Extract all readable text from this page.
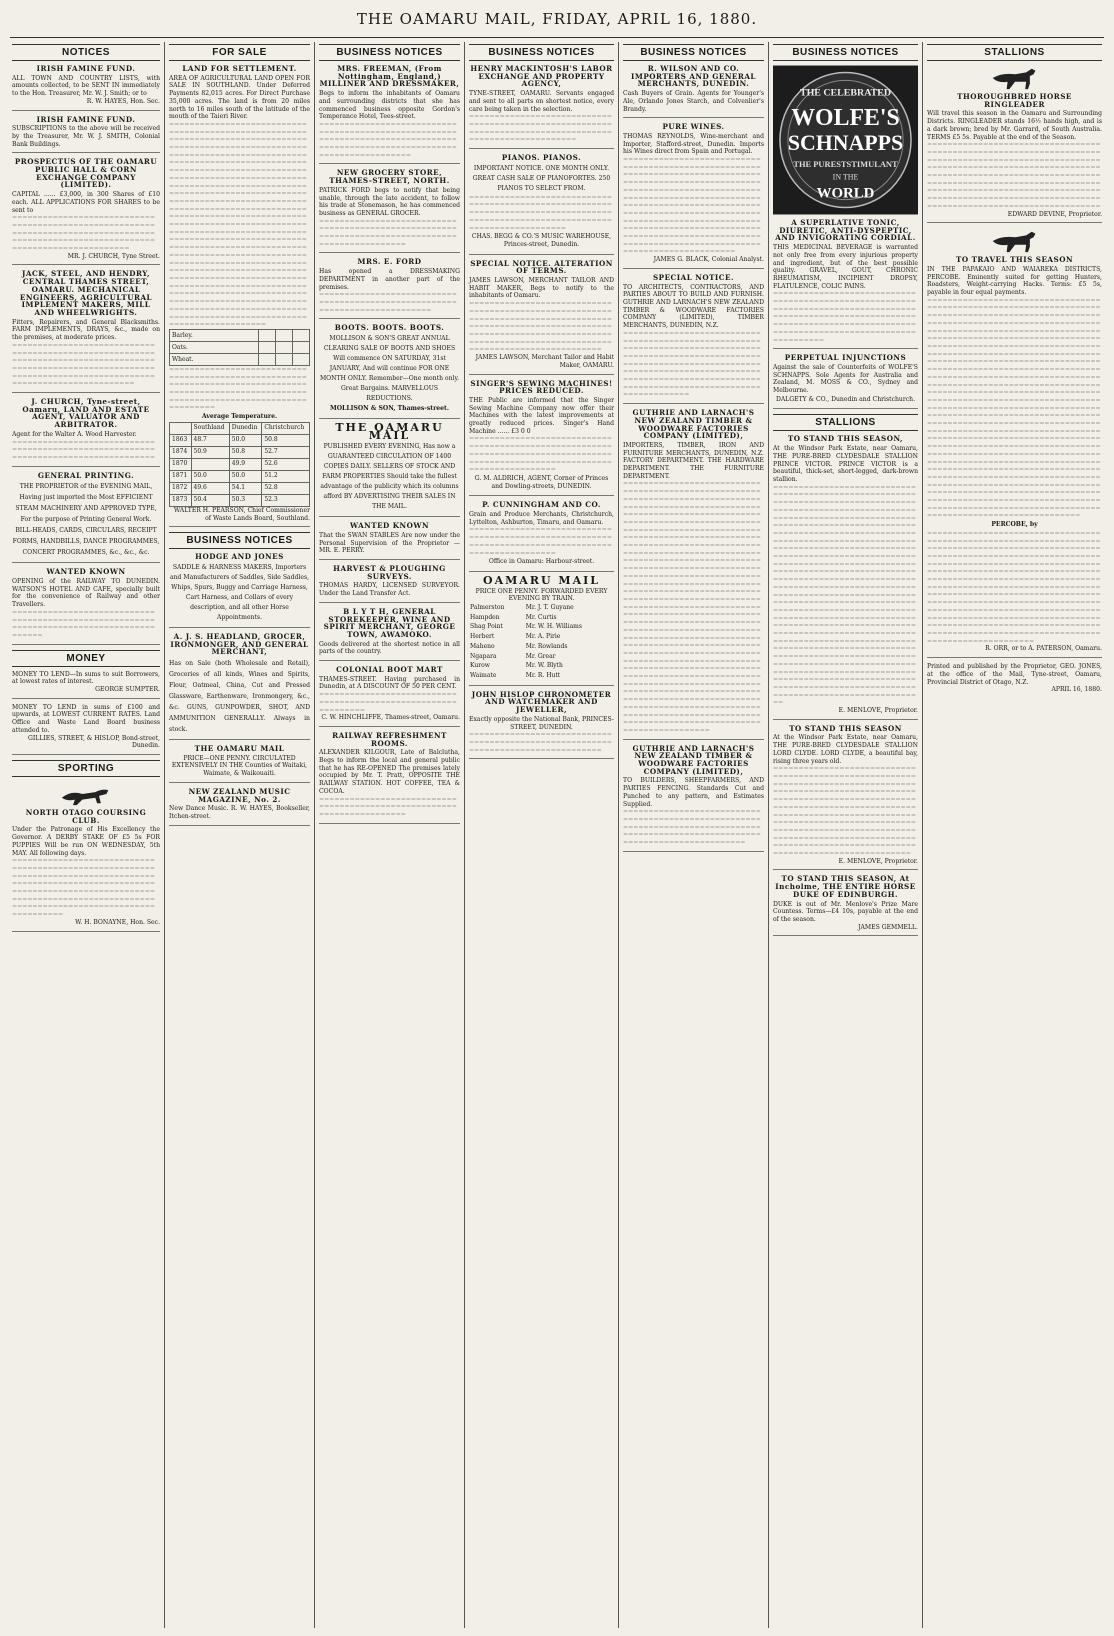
THE OAMARU MAIL, FRIDAY, APRIL 16, 1880.
NOTICES
IRISH FAMINE FUND.
ALL TOWN AND COUNTRY LISTS, with amounts collected, to be SENT IN immediately to the Hon. Treasurer, Mr. W. J. Smith; or to
R. W. HAYES, Hon. Sec.
IRISH FAMINE FUND.
SUBSCRIPTIONS to the above will be received by the Treasurer, Mr. W. J. SMITH, Colonial Bank Buildings.
PROSPECTUS OF THE OAMARU PUBLIC HALL & CORN EXCHANGE COMPANY (LIMITED).
CAPITAL ...... £3,000, in 300 Shares of £10 each. ALL APPLICATIONS FOR SHARES to be sent to
=======================================================================================================================================
MR. J. CHURCH, Tyne Street.
JACK, STEEL, AND HENDRY, CENTRAL THAMES STREET, OAMARU. MECHANICAL ENGINEERS, AGRICULTURAL IMPLEMENT MAKERS, MILL AND WHEELWRIGHTS.
Fitters, Repairers, and General Blacksmiths. FARM IMPLEMENTS, DRAYS, &c., made on the premises, at moderate prices.
====================================================================================================================================================================
J. CHURCH, Tyne-street, Oamaru, LAND AND ESTATE AGENT, VALUATOR AND ARBITRATOR.
Agent for the Walter A. Wood Harvester.
====================================================================================
GENERAL PRINTING.
THE PROPRIETOR of the EVENING MAIL, Having just imported the Most EFFICIENT STEAM MACHINERY AND APPROVED TYPE, For the purpose of Printing General Work. BILL-HEADS, CARDS, CIRCULARS, RECEIPT FORMS, HANDBILLS, DANCE PROGRAMMES, CONCERT PROGRAMMES, &c., &c., &c.
WANTED KNOWN
OPENING of the RAILWAY TO DUNEDIN. WATSON'S HOTEL AND CAFE, specially built for the convenience of Railway and other Travellers.
==========================================================================================
MONEY
MONEY TO LEND—In sums to suit Borrowers, at lowest rates of interest.
GEORGE SUMPTER.
MONEY TO LEND in sums of £100 and upwards, at LOWEST CURRENT RATES. Land Office and Waste Land Board business attended to.
GILLIES, STREET, & HISLOP, Bond-street, Dunedin.
SPORTING
NORTH OTAGO COURSING CLUB.
Under the Patronage of His Excellency the Governor. A DERBY STAKE OF £5 5s FOR PUPPIES Will be run ON WEDNESDAY, 5th MAY. All following days.
==============================================================================================================================================================================================================
W. H. BONAYNE, Hon. Sec.
FOR SALE
LAND FOR SETTLEMENT.
AREA OF AGRICULTURAL LAND OPEN FOR SALE IN SOUTHLAND. Under Deferred Payments 82,015 acres. For Direct Purchase 35,000 acres. The land is from 20 miles north to 16 miles south of the latitude of the mouth of the Taieri River.
=================================================================================================================================================================================================================================================================================================================================================================================================================================================================================================================================================================================================================================================================================================================================================
Barley.			
Oats.			
Wheat.			
================================================================================================================================================
Average Temperature.
	Southland	Dunedin	Christchurch
1863	48.7	50.0	50.8
1874	50.9	50.8	52.7
1870		49.9	52.6
1871	50.0	50.0	51.2
1872	49.6	54.1	52.8
1873	50.4	50.3	52.3
WALTER H. PEARSON, Chief Commissioner of Waste Lands Board, Southland.
BUSINESS NOTICES
HODGE AND JONES
SADDLE & HARNESS MAKERS, Importers and Manufacturers of Saddles, Side Saddles, Whips, Spurs, Buggy and Carriage Harness, Cart Harness, and Collars of every description, and all other Horse Appointments.
A. J. S. HEADLAND, GROCER, IRONMONGER, AND GENERAL MERCHANT,
Has on Sale (both Wholesale and Retail), Groceries of all kinds, Wines and Spirits, Flour, Oatmeal, China, Cut and Pressed Glassware, Earthenware, Ironmongery, &c., &c. GUNS, GUNPOWDER, SHOT, AND AMMUNITION GENERALLY. Always in stock.
THE OAMARU MAIL
PRICE—ONE PENNY. CIRCULATED EXTENSIVELY IN THE Counties of Waitaki, Waimate, & Waikouaiti.
NEW ZEALAND MUSIC MAGAZINE, No. 2.
New Dance Music. R. W. HAYES, Bookseller, Itchen-street.
BUSINESS NOTICES
MRS. FREEMAN, (From Nottingham, England,) MILLINER AND DRESSMAKER,
Begs to inform the inhabitants of Oamaru and surrounding districts that she has commenced business opposite Gordon's Temperance Hotel, Tees-street.
==============================================================================================================================
NEW GROCERY STORE, THAMES-STREET, NORTH.
PATRICK FORD begs to notify that being unable, through the late accident, to follow his trade at Stonemason, he has commenced business as GENERAL GROCER.
==================================================================================================
MRS. E. FORD
Has opened a DRESSMAKING DEPARTMENT in another part of the premises.
============================================================================
BOOTS. BOOTS. BOOTS.
MOLLISON & SON'S GREAT ANNUAL CLEARING SALE OF BOOTS AND SHOES Will commence ON SATURDAY, 31st JANUARY, And will continue FOR ONE MONTH ONLY. Remember—One month only. Great Bargains. MARVELLOUS REDUCTIONS.
MOLLISON & SON, Thames-street.
THE OAMARU MAIL
PUBLISHED EVERY EVENING, Has now a GUARANTEED CIRCULATION OF 1400 COPIES DAILY. SELLERS OF STOCK AND FARM PROPERTIES Should take the fullest advantage of the publicity which its columns afford BY ADVERTISING THEIR SALES IN THE MAIL.
WANTED KNOWN
That the SWAN STABLES Are now under the Personal Supervision of the Proprietor — MR. E. PERRY.
HARVEST & PLOUGHING SURVEYS.
THOMAS HARDY, LICENSED SURVEYOR. Under the Land Transfer Act.
B L Y T H, GENERAL STOREKEEPER, WINE AND SPIRIT MERCHANT, GEORGE TOWN, AWAMOKO.
Goods delivered at the shortest notice in all parts of the country.
COLONIAL BOOT MART
THAMES-STREET. Having purchased in Dunedin, at A DISCOUNT OF 50 PER CENT.
===============================================================
C. W. HINCHLIFFE, Thames-street, Oamaru.
RAILWAY REFRESHMENT ROOMS.
ALEXANDER KILGOUR, Late of Balclutha, Begs to inform the local and general public that he has RE-OPENED The premises lately occupied by Mr. T. Pratt, OPPOSITE THE RAILWAY STATION. HOT COFFEE, TEA & COCOA.
=======================================================================
BUSINESS NOTICES
HENRY MACKINTOSH'S LABOR EXCHANGE AND PROPERTY AGENCY,
TYNE-STREET, OAMARU. Servants engaged and sent to all parts on shortest notice, every care being taken in the selection.
=========================================================================================================
PIANOS. PIANOS.
IMPORTANT NOTICE. ONE MONTH ONLY. GREAT CASH SALE OF PIANOFORTES. 250 PIANOS TO SELECT FROM.
===================================================================================================================================
CHAS. BEGG & CO.'S MUSIC WAREHOUSE, Princes-street, Dunedin.
SPECIAL NOTICE. ALTERATION OF TERMS.
JAMES LAWSON, MERCHANT TAILOR AND HABIT MAKER, Begs to notify to the inhabitants of Oamaru.
==================================================================================================================================================================================================
JAMES LAWSON, Merchant Tailor and Habit Maker, OAMARU.
SINGER'S SEWING MACHINES! PRICES REDUCED.
THE Public are informed that the Singer Sewing Machine Company now offer their Machines with the latest improvements at greatly reduced prices. Singer's Hand Machine ...... £3 0 0
=================================================================================================================================
G. M. ALDRICH, AGENT, Corner of Princes and Dowling-streets, DUNEDIN.
P. CUNNINGHAM AND CO.
Grain and Produce Merchants, Christchurch, Lyttelton, Ashburton, Timaru, and Oamaru.
=====================================================================================================
Office in Oamaru: Harbour-street.
OAMARU MAIL
PRICE ONE PENNY. FORWARDED EVERY EVENING BY TRAIN.
Palmerston	Mr. J. T. Guyane
Hampden	Mr. Curtis
Shag Point	Mr. W. H. Williams
Herbert	Mr. A. Pirie
Maheno	Mr. Rowlands
Ngapara	Mr. Grear
Kurow	Mr. W. Blyth
Waimate	Mr. R. Hutt
JOHN HISLOP CHRONOMETER AND WATCHMAKER AND JEWELLER,
Exactly opposite the National Bank, PRINCES-STREET, DUNEDIN.
==================================================================================
BUSINESS NOTICES
R. WILSON AND CO. IMPORTERS AND GENERAL MERCHANTS, DUNEDIN.
Cash Buyers of Grain. Agents for Younger's Ale, Orlando Jones Starch, and Colvenlier's Brandy.
PURE WINES.
THOMAS REYNOLDS, Wine-merchant and Importer, Stafford-street, Dunedin. Imports his Wines direct from Spain and Portugal.
==========================================================================================================================================================================================================================================================================================================================================================
JAMES G. BLACK, Colonial Analyst.
SPECIAL NOTICE.
TO ARCHITECTS, CONTRACTORS, AND PARTIES ABOUT TO BUILD AND FURNISH. GUTHRIE AND LARNACH'S NEW ZEALAND TIMBER & WOODWARE FACTORIES COMPANY (LIMITED), TIMBER MERCHANTS, DUNEDIN, N.Z.
=====================================================================================================================================================================================================================================
GUTHRIE AND LARNACH'S NEW ZEALAND TIMBER & WOODWARE FACTORIES COMPANY (LIMITED),
IMPORTERS, TIMBER, IRON AND FURNITURE MERCHANTS, DUNEDIN, N.Z. FACTORY DEPARTMENT. THE HARDWARE DEPARTMENT. THE FURNITURE DEPARTMENT.
=================================================================================================================================================================================================================================================================================================================================================================================================================================================================================================================================================================================================================================================================================================================================================================================================================================================================================================================
GUTHRIE AND LARNACH'S NEW ZEALAND TIMBER & WOODWARE FACTORIES COMPANY (LIMITED),
TO BUILDERS, SHEEPFARMERS, AND PARTIES FENCING. Standards Cut and Punched to any pattern, and Estimates Supplied.
====================================================================================================================================
BUSINESS NOTICES
THE CELEBRATED
WOLFE'S
SCHNAPPS
THE PURESTSTIMULANT
IN THE
WORLD
A SUPERLATIVE TONIC, DIURETIC, ANTI-DYSPEPTIC, AND INVIGORATING CORDIAL.
THIS MEDICINAL BEVERAGE is warranted not only free from every injurious property and ingredient, but of the best possible quality. GRAVEL, GOUT, CHRONIC RHEUMATISM, INCIPIENT DROPSY, FLATULENCE, COLIC PAINS.
==================================================================================================================================================================================
PERPETUAL INJUNCTIONS
Against the sale of Counterfeits of WOLFE'S SCHNAPPS. Sole Agents for Australia and Zealand, M. MOSS & CO., Sydney and Melbourne.
DALGETY & CO., Dunedin and Christchurch.
STALLIONS
TO STAND THIS SEASON,
At the Windsor Park Estate, near Oamaru, THE PURE-BRED CLYDESDALE STALLION PRINCE VICTOR. PRINCE VICTOR is a beautiful, thick-set, short-legged, dark-brown stallion.
==================================================================================================================================================================================================================================================================================================================================================================================================================================================================================================================================================================================================================================================================================================================================================================================================================
E. MENLOVE, Proprietor.
TO STAND THIS SEASON
At the Windsor Park Estate, near Oamaru, THE PURE-BRED CLYDESDALE STALLION LORD CLYDE. LORD CLYDE, a beautiful bay, rising three years old.
===============================================================================================================================================================================================================================================================================================================================================
E. MENLOVE, Proprietor.
TO STAND THIS SEASON, At Incholme, THE ENTIRE HORSE DUKE OF EDINBURGH.
DUKE is out of Mr. Menlove's Prize Mare Countess. Terms—£4 10s, payable at the end of the season.
JAMES GEMMELL.
STALLIONS
THOROUGHBRED HORSE RINGLEADER
Will travel this season in the Oamaru and Surrounding Districts. RINGLEADER stands 16½ hands high, and is a dark brown; bred by Mr. Garrard, of South Australia. TERMS £5 5s. Payable at the end of the Season.
==================================================================================================================================================================================================================================================================================================================
EDWARD DEVINE, Proprietor.
TO TRAVEL THIS SEASON
IN THE PAPAKAIO AND WAIAREKA DISTRICTS, PERCOBE. Eminently suited for getting Hunters, Roadsters, Weight-carrying Hacks. Terms: £5 5s, payable in four equal payments.
======================================================================================================================================================================================================================================================================================================================================================================================================================================================================================================================================================================================================================================================================================================================================================================================================================================================================================================================================================================================================================
PERCOBE, by
=================================================================================================================================================================================================================================================================================================================================================================================================================================================================================================================
R. ORR, or to A. PATERSON, Oamaru.
Printed and published by the Proprietor, GEO. JONES, at the office of the Mail, Tyne-street, Oamaru, Provincial District of Otago, N.Z.
APRIL 16, 1880.
